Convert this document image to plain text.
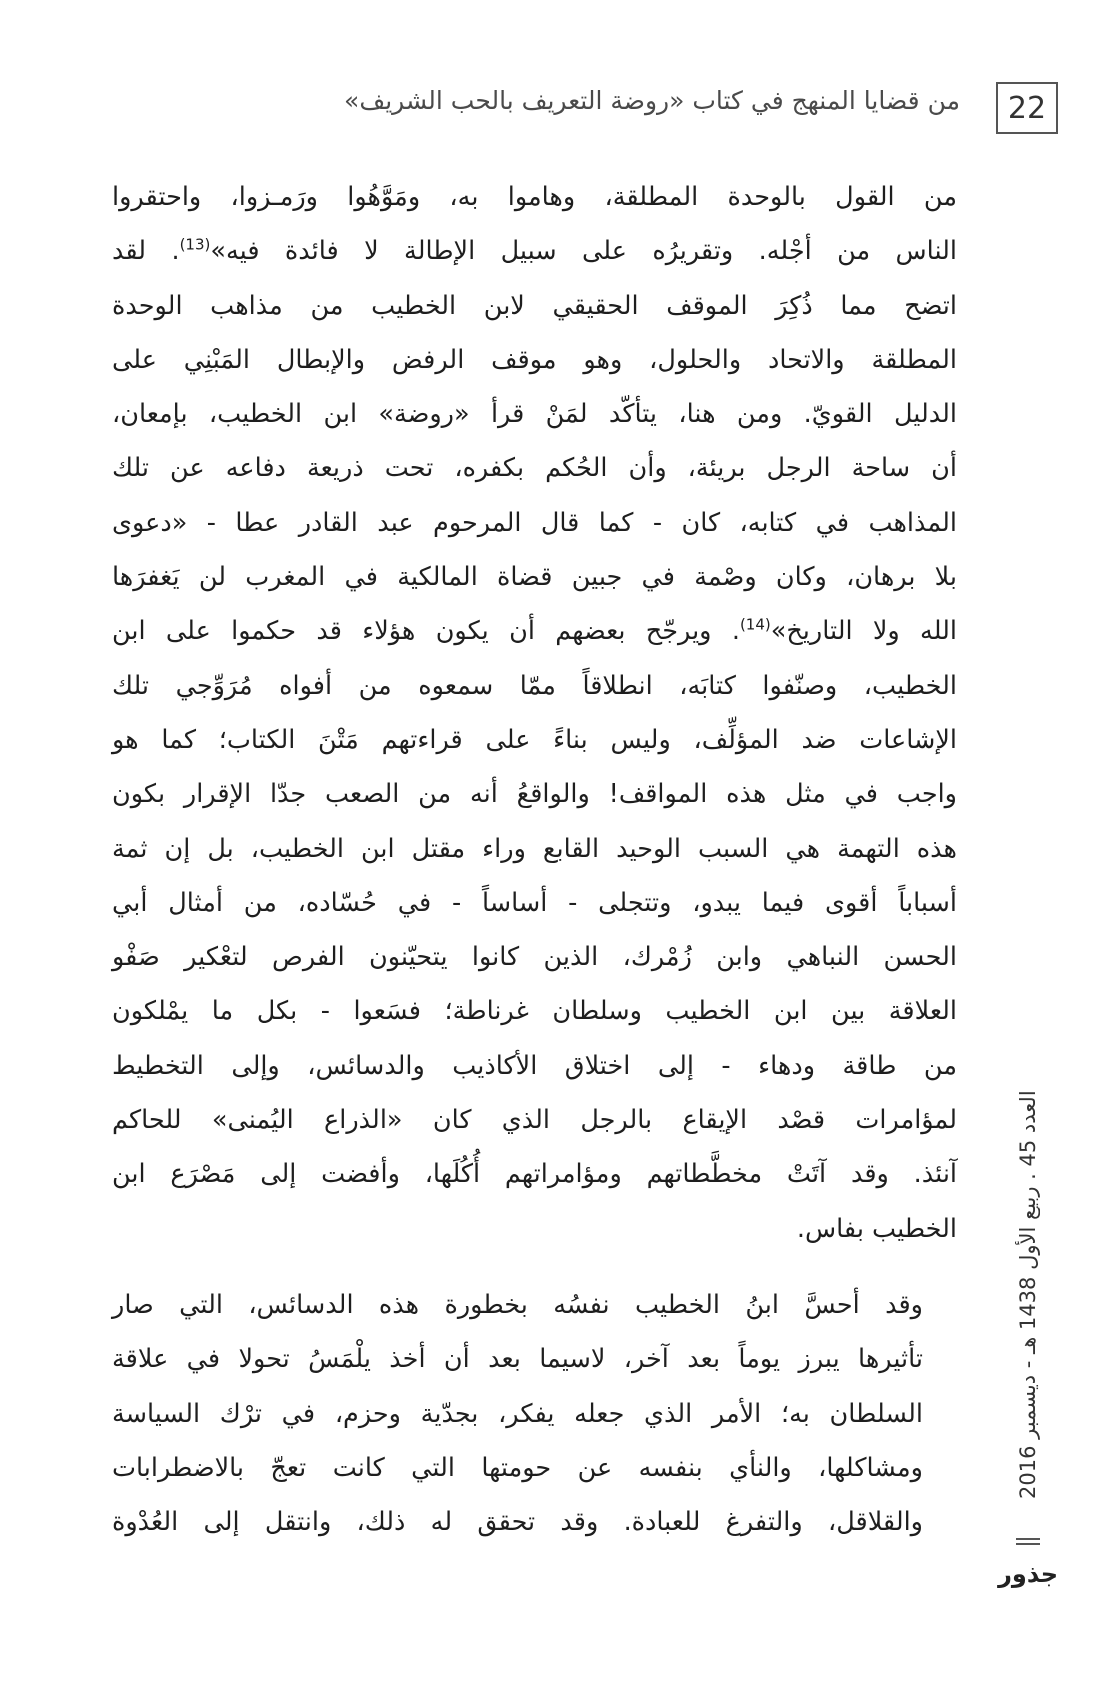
22
من قضايا المنهج في كتاب «روضة التعريف بالحب الشريف»

من القول بالوحدة المطلقة، وهاموا به، ومَوَّهُوا ورَمـزوا، واحتقروا
الناس من أجْله. وتقريرُه على سبيل الإطالة لا فائدة فيه»$^{(13)}$. لقد
اتضح مما ذُكِرَ الموقف الحقيقي لابن الخطيب من مذاهب الوحدة
المطلقة والاتحاد والحلول، وهو موقف الرفض والإبطال المَبْنِي على
الدليل القويّ. ومن هنا، يتأكّد لمَنْ قرأ «روضة» ابن الخطيب، بإمعان،
أن ساحة الرجل بريئة، وأن الحُكم بكفره، تحت ذريعة دفاعه عن تلك
المذاهب في كتابه، كان - كما قال المرحوم عبد القادر عطا - «دعوى
بلا برهان، وكان وصْمة في جبين قضاة المالكية في المغرب لن يَغفرَها
الله ولا التاريخ»$^{(14)}$. ويرجّح بعضهم أن يكون هؤلاء قد حكموا على ابن
الخطيب، وصنّفوا كتابَه، انطلاقاً ممّا سمعوه من أفواه مُرَوِّجي تلك
الإشاعات ضد المؤلِّف، وليس بناءً على قراءتهم مَتْنَ الكتاب؛ كما هو
واجب في مثل هذه المواقف! والواقعُ أنه من الصعب جدّا الإقرار بكون
هذه التهمة هي السبب الوحيد القابع وراء مقتل ابن الخطيب، بل إن ثمة
أسباباً أقوى فيما يبدو، وتتجلى - أساساً - في حُسّاده، من أمثال أبي
الحسن النباهي وابن زُمْرك، الذين كانوا يتحيّنون الفرص لتعْكير صَفْو
العلاقة بين ابن الخطيب وسلطان غرناطة؛ فسَعوا - بكل ما يمْلكون
من طاقة ودهاء - إلى اختلاق الأكاذيب والدسائس، وإلى التخطيط
لمؤامرات قصْد الإيقاع بالرجل الذي كان «الذراع اليُمنى» للحاكم
آنئذ. وقد آتَتْ مخطَّطاتهم ومؤامراتهم أُكُلَها، وأفضت إلى مَصْرَع ابن
الخطيب بفاس.

وقد أحسَّ ابنُ الخطيب نفسُه بخطورة هذه الدسائس، التي صار
تأثيرها يبرز يوماً بعد آخر، لاسيما بعد أن أخذ يلْمَسُ تحولا في علاقة
السلطان به؛ الأمر الذي جعله يفكر، بجدّية وحزم، في ترْك السياسة
ومشاكلها، والنأي بنفسه عن حومتها التي كانت تعجّ بالاضطرابات
والقلاقل، والتفرغ للعبادة. وقد تحقق له ذلك، وانتقل إلى العُدْوة

العدد 45 . ربيع الأول 1438 هـ - ديسمبر 2016
جذور
